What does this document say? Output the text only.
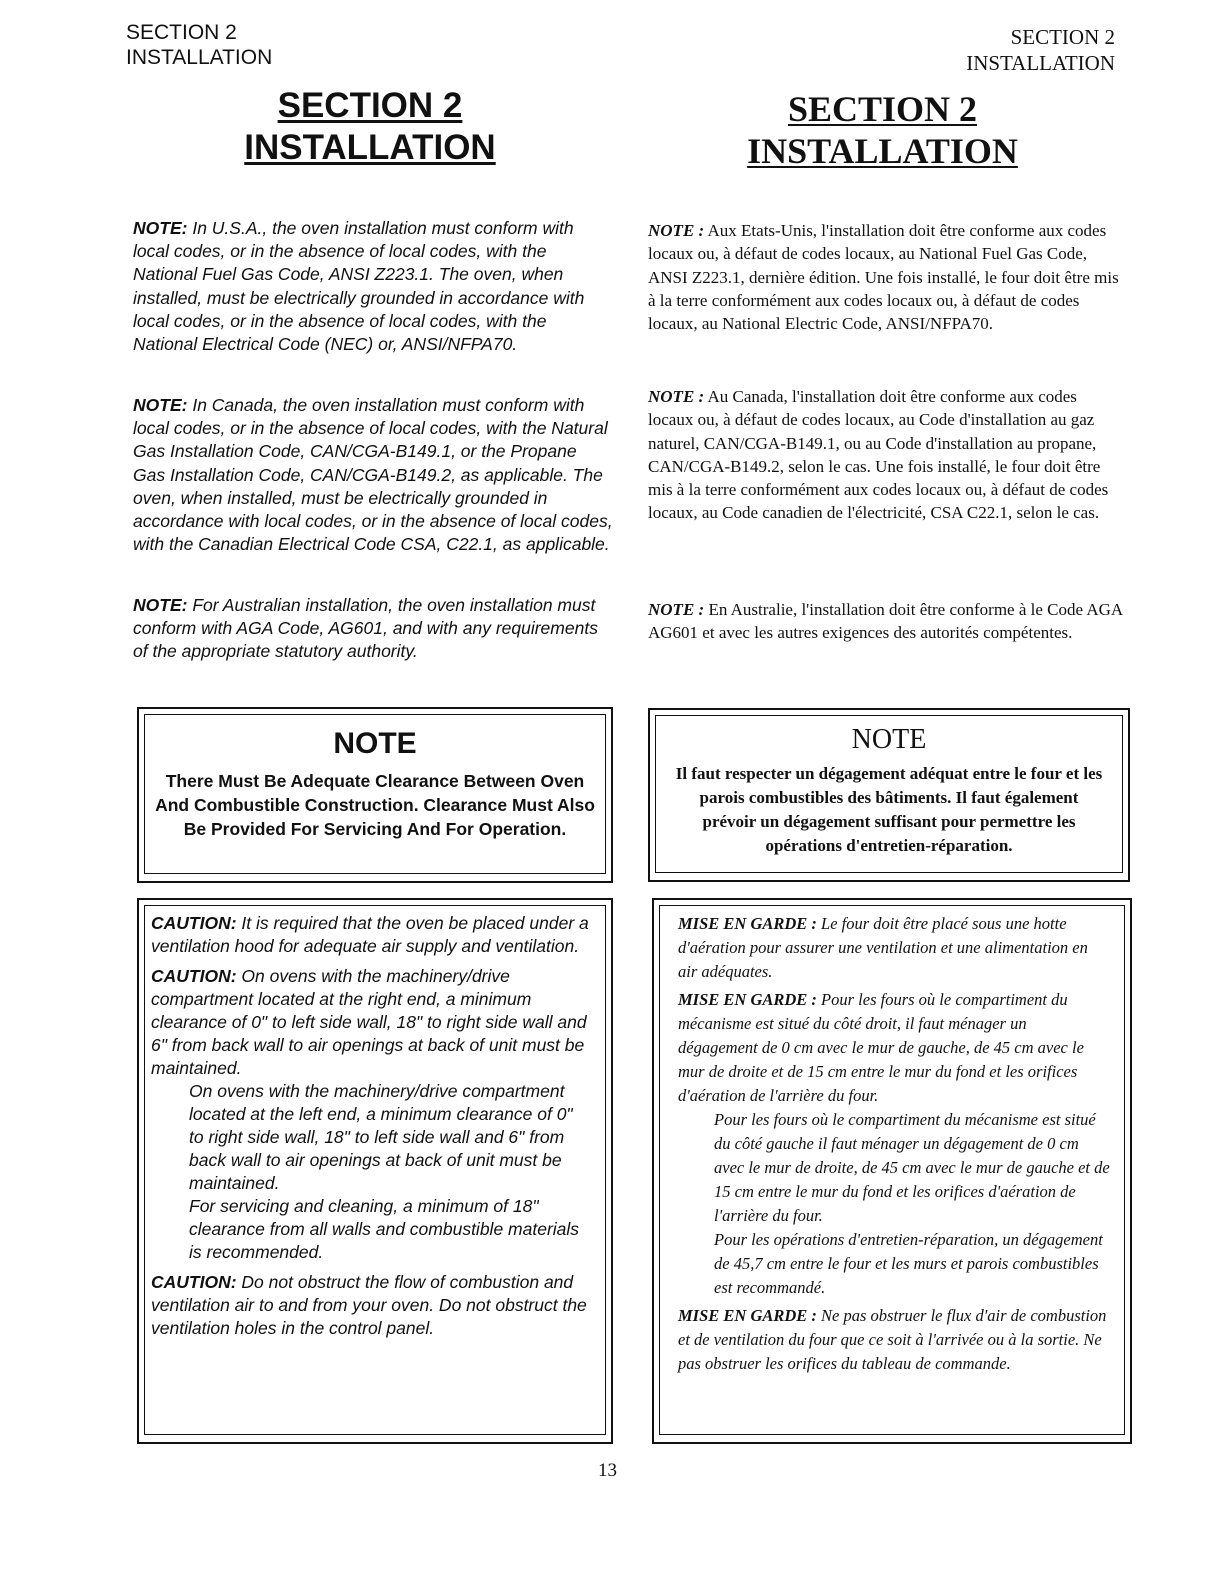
SECTION 2
INSTALLATION
SECTION 2
INSTALLATION
SECTION 2
INSTALLATION
SECTION 2
INSTALLATION

NOTE: In U.S.A., the oven installation must conform with local codes, or in the absence of local codes, with the National Fuel Gas Code, ANSI Z223.1. The oven, when installed, must be electrically grounded in accordance with local codes, or in the absence of local codes, with the National Electrical Code (NEC) or, ANSI/NFPA70.

NOTE: In Canada, the oven installation must conform with local codes, or in the absence of local codes, with the Natural Gas Installation Code, CAN/CGA-B149.1, or the Propane Gas Installation Code, CAN/CGA-B149.2, as applicable. The oven, when installed, must be electrically grounded in accordance with local codes, or in the absence of local codes, with the Canadian Electrical Code CSA, C22.1, as applicable.

NOTE: For Australian installation, the oven installation must conform with AGA Code, AG601, and with any requirements of the appropriate statutory authority.

NOTE : Aux Etats-Unis, l'installation doit être conforme aux codes locaux ou, à défaut de codes locaux, au National Fuel Gas Code, ANSI Z223.1, dernière édition. Une fois installé, le four doit être mis à la terre conformément aux codes locaux ou, à défaut de codes locaux, au National Electric Code, ANSI/NFPA70.

NOTE : Au Canada, l'installation doit être conforme aux codes locaux ou, à défaut de codes locaux, au Code d'installation au gaz naturel, CAN/CGA-B149.1, ou au Code d'installation au propane, CAN/CGA-B149.2, selon le cas. Une fois installé, le four doit être mis à la terre conformément aux codes locaux ou, à défaut de codes locaux, au Code canadien de l'électricité, CSA C22.1, selon le cas.

NOTE : En Australie, l'installation doit être conforme à le Code AGA AG601 et avec les autres exigences des autorités compétentes.

NOTE
There Must Be Adequate Clearance Between Oven And Combustible Construction. Clearance Must Also Be Provided For Servicing And For Operation.
NOTE
Il faut respecter un dégagement adéquat entre le four et les parois combustibles des bâtiments. Il faut également prévoir un dégagement suffisant pour permettre les opérations d'entretien-réparation.
CAUTION: It is required that the oven be placed under a ventilation hood for adequate air supply and ventilation.
CAUTION: On ovens with the machinery/drive compartment located at the right end, a minimum clearance of 0" to left side wall, 18" to right side wall and 6" from back wall to air openings at back of unit must be maintained.
On ovens with the machinery/drive compartment located at the left end, a minimum clearance of 0" to right side wall, 18" to left side wall and 6" from back wall to air openings at back of unit must be maintained.
For servicing and cleaning, a minimum of 18" clearance from all walls and combustible materials is recommended.
CAUTION: Do not obstruct the flow of combustion and ventilation air to and from your oven. Do not obstruct the ventilation holes in the control panel.
MISE EN GARDE : Le four doit être placé sous une hotte d'aération pour assurer une ventilation et une alimentation en air adéquates.
MISE EN GARDE : Pour les fours où le compartiment du mécanisme est situé du côté droit, il faut ménager un dégagement de 0 cm avec le mur de gauche, de 45 cm avec le mur de droite et de 15 cm entre le mur du fond et les orifices d'aération de l'arrière du four.
Pour les fours où le compartiment du mécanisme est situé du côté gauche il faut ménager un dégagement de 0 cm avec le mur de droite, de 45 cm avec le mur de gauche et de 15 cm entre le mur du fond et les orifices d'aération de l'arrière du four.
Pour les opérations d'entretien-réparation, un dégagement de 45,7 cm entre le four et les murs et parois combustibles est recommandé.
MISE EN GARDE : Ne pas obstruer le flux d'air de combustion et de ventilation du four que ce soit à l'arrivée ou à la sortie. Ne pas obstruer les orifices du tableau de commande.
13
